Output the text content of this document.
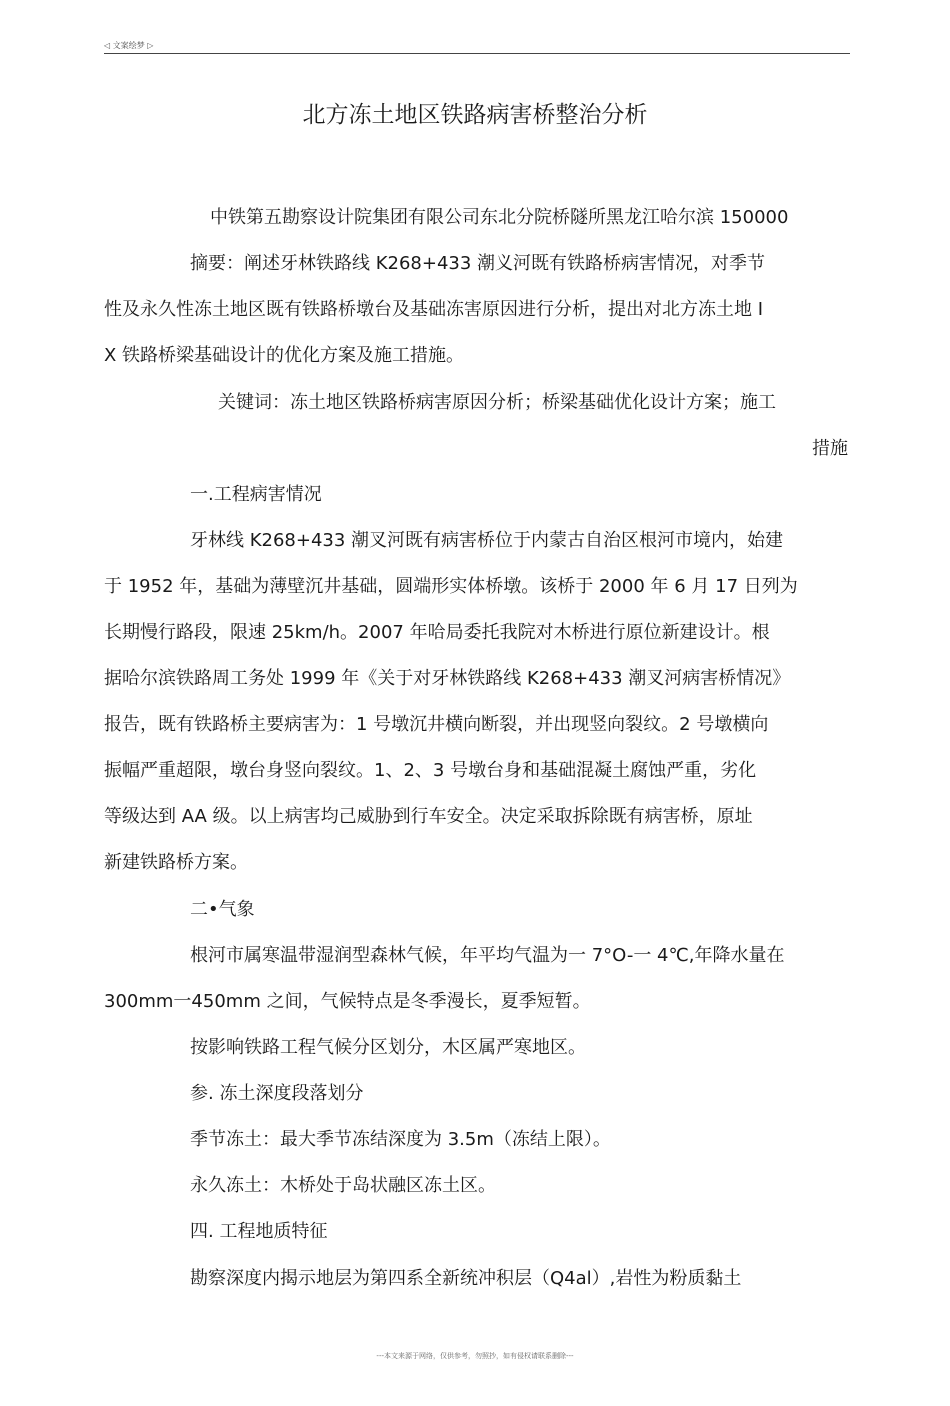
◁ 文案绘梦 ▷
北方冻土地区铁路病害桥整治分析
中铁第五勘察设计院集团有限公司东北分院桥隧所黑龙江哈尔滨 150000
摘要：阐述牙林铁路线 K268+433 潮义河既有铁路桥病害情况，对季节
性及永久性冻土地区既有铁路桥墩台及基础冻害原因进行分析，提出对北方冻土地 I
X 铁路桥梁基础设计的优化方案及施工措施。
关键词：冻土地区铁路桥病害原因分析；桥梁基础优化设计方案；施工
措施
一.工程病害情况
牙林线 K268+433 潮叉河既有病害桥位于内蒙古自治区根河市境内，始建
于 1952 年，基础为薄壁沉井基础，圆端形实体桥墩。该桥于 2000 年 6 月 17 日列为
长期慢行路段，限速 25km/h。2007 年哈局委托我院对木桥进行原位新建设计。根
据哈尔滨铁路周工务处 1999 年《关于对牙林铁路线 K268+433 潮叉河病害桥情况》
报告，既有铁路桥主要病害为：1 号墩沉井横向断裂，并出现竖向裂纹。2 号墩横向
振幅严重超限，墩台身竖向裂纹。1、2、3 号墩台身和基础混凝土腐蚀严重，劣化
等级达到 AA 级。以上病害均己威胁到行车安全。决定采取拆除既有病害桥，原址
新建铁路桥方案。
二•气象
根河市属寒温带湿润型森林气候，年平均气温为一 7°O-一 4℃,年降水量在
300mm一450mm 之间，气候特点是冬季漫长，夏季短暂。
按影响铁路工程气候分区划分，木区属严寒地区。
参. 冻土深度段落划分
季节冻土：最大季节冻结深度为 3.5m（冻结上限）。
永久冻土：木桥处于岛状融区冻土区。
四. 工程地质特征
勘察深度内揭示地层为第四系全新统冲积层（Q4al）,岩性为粉质黏土
---本文来源于网络，仅供参考，勿照抄，如有侵权请联系删除---
